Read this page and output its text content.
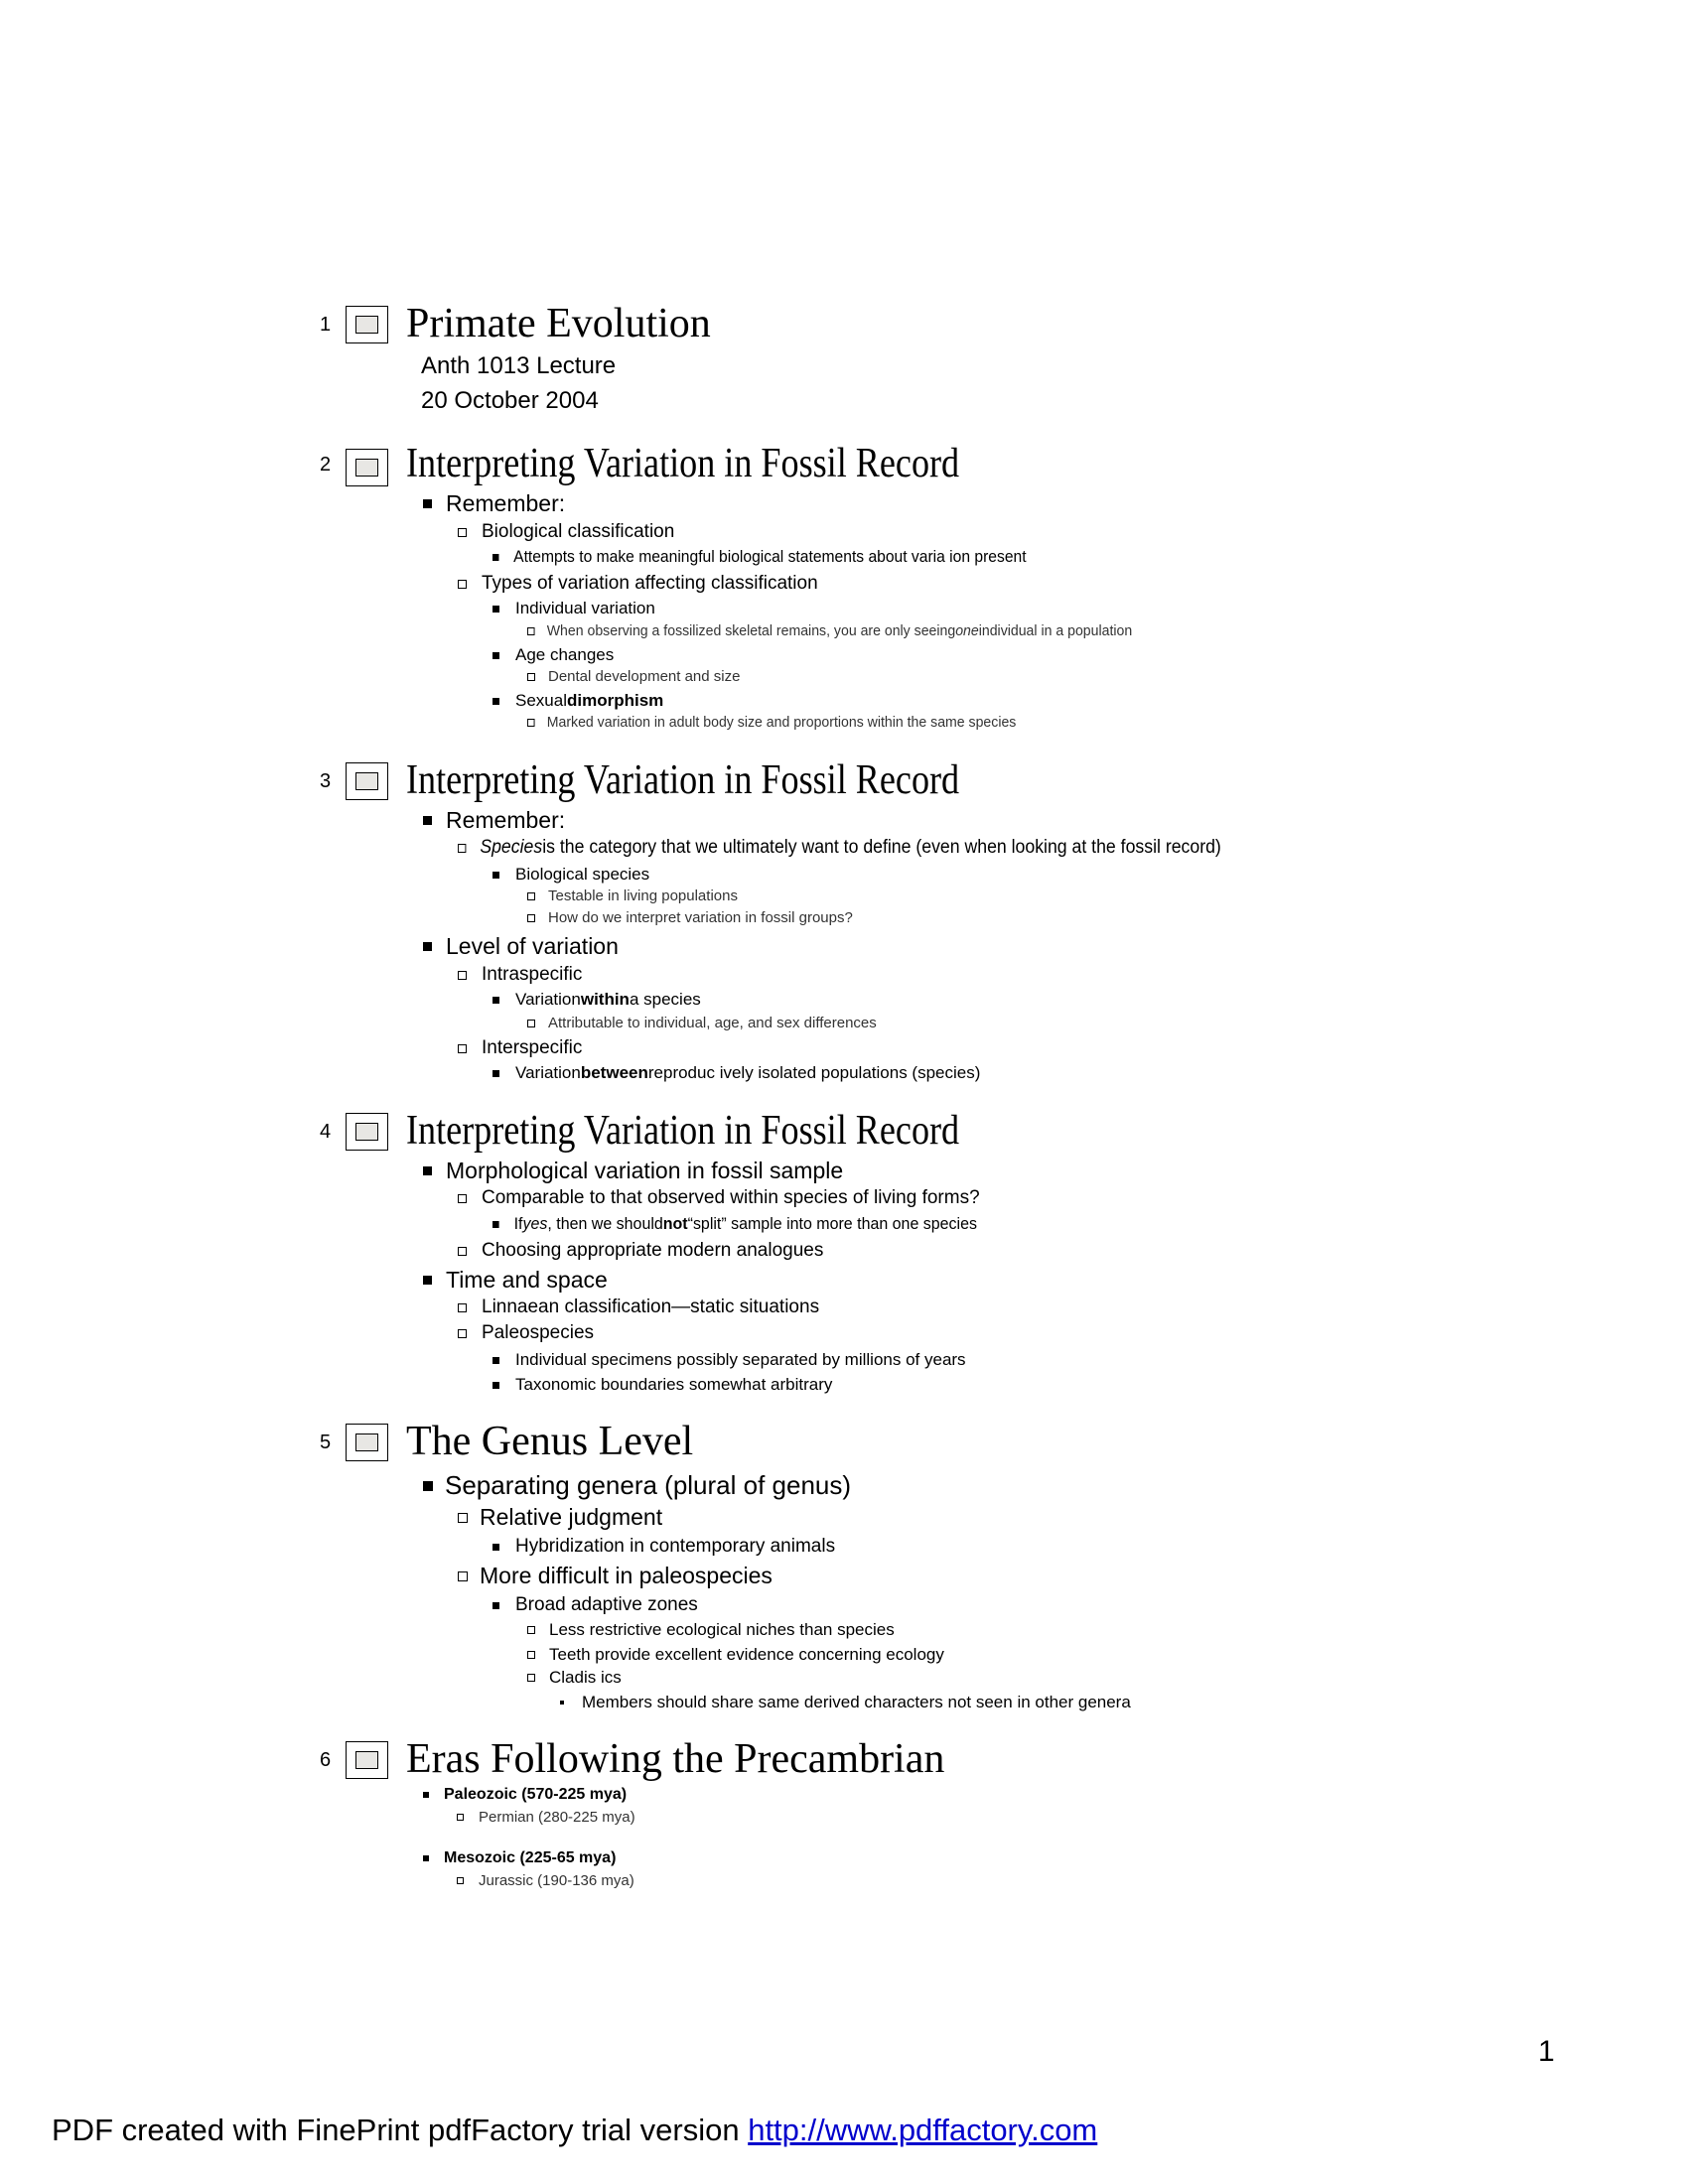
1 Primate Evolution
Anth 1013 Lecture
20 October 2004
2 Interpreting Variation in Fossil Record
Remember:
Biological classification
Attempts to make meaningful biological statements about varia ion present
Types of variation affecting classification
Individual variation
When observing a fossilized skeletal remains, you are only seeing one individual in a population
Age changes
Dental development and size
Sexual dimorphism
Marked variation in adult body size and proportions within the same species
3 Interpreting Variation in Fossil Record
Remember:
Species is the category that we ultimately want to define (even when looking at the fossil record)
Biological species
Testable in living populations
How do we interpret variation in fossil groups?
Level of variation
Intraspecific
Variation within a species
Attributable to individual, age, and sex differences
Interspecific
Variation between reproduc ively isolated populations (species)
4 Interpreting Variation in Fossil Record
Morphological variation in fossil sample
Comparable to that observed within species of living forms?
If yes , then we should not “split” sample into more than one species
Choosing appropriate modern analogues
Time and space
Linnaean classification—static situations
Paleospecies
Individual specimens possibly separated by millions of years
Taxonomic boundaries somewhat arbitrary
5 The Genus Level
Separating genera (plural of genus)
Relative judgment
Hybridization in contemporary animals
More difficult in paleospecies
Broad adaptive zones
Less restrictive ecological niches than species
Teeth provide excellent evidence concerning ecology
Cladis ics
Members should share same derived characters not seen in other genera
6 Eras Following the Precambrian
Paleozoic (570-225 mya)
Permian (280-225 mya)
Mesozoic (225-65 mya)
Jurassic (190-136 mya)
1
PDF created with FinePrint pdfFactory trial version http://www.pdffactory.com
